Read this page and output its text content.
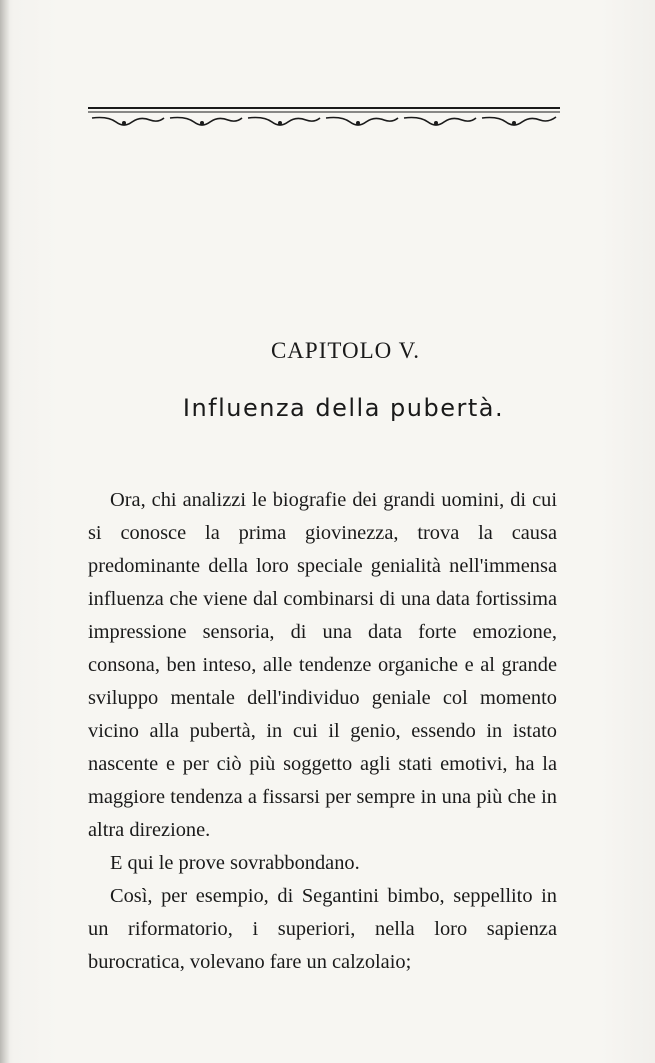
CAPITOLO V.
Influenza della pubertà.

Ora, chi analizzi le biografie dei grandi uomini, di cui si conosce la prima giovinezza, trova la causa predominante della loro speciale genialità nell'immensa influenza che viene dal combinarsi di una data fortissima impressione sensoria, di una data forte emozione, consona, ben inteso, alle tendenze organiche e al grande sviluppo mentale dell'individuo geniale col momento vicino alla pubertà, in cui il genio, essendo in istato nascente e per ciò più soggetto agli stati emotivi, ha la maggiore tendenza a fissarsi per sempre in una più che in altra direzione.

E qui le prove sovrabbondano.

Così, per esempio, di Segantini bimbo, seppellito in un riformatorio, i superiori, nella loro sapienza burocratica, volevano fare un calzolaio;
